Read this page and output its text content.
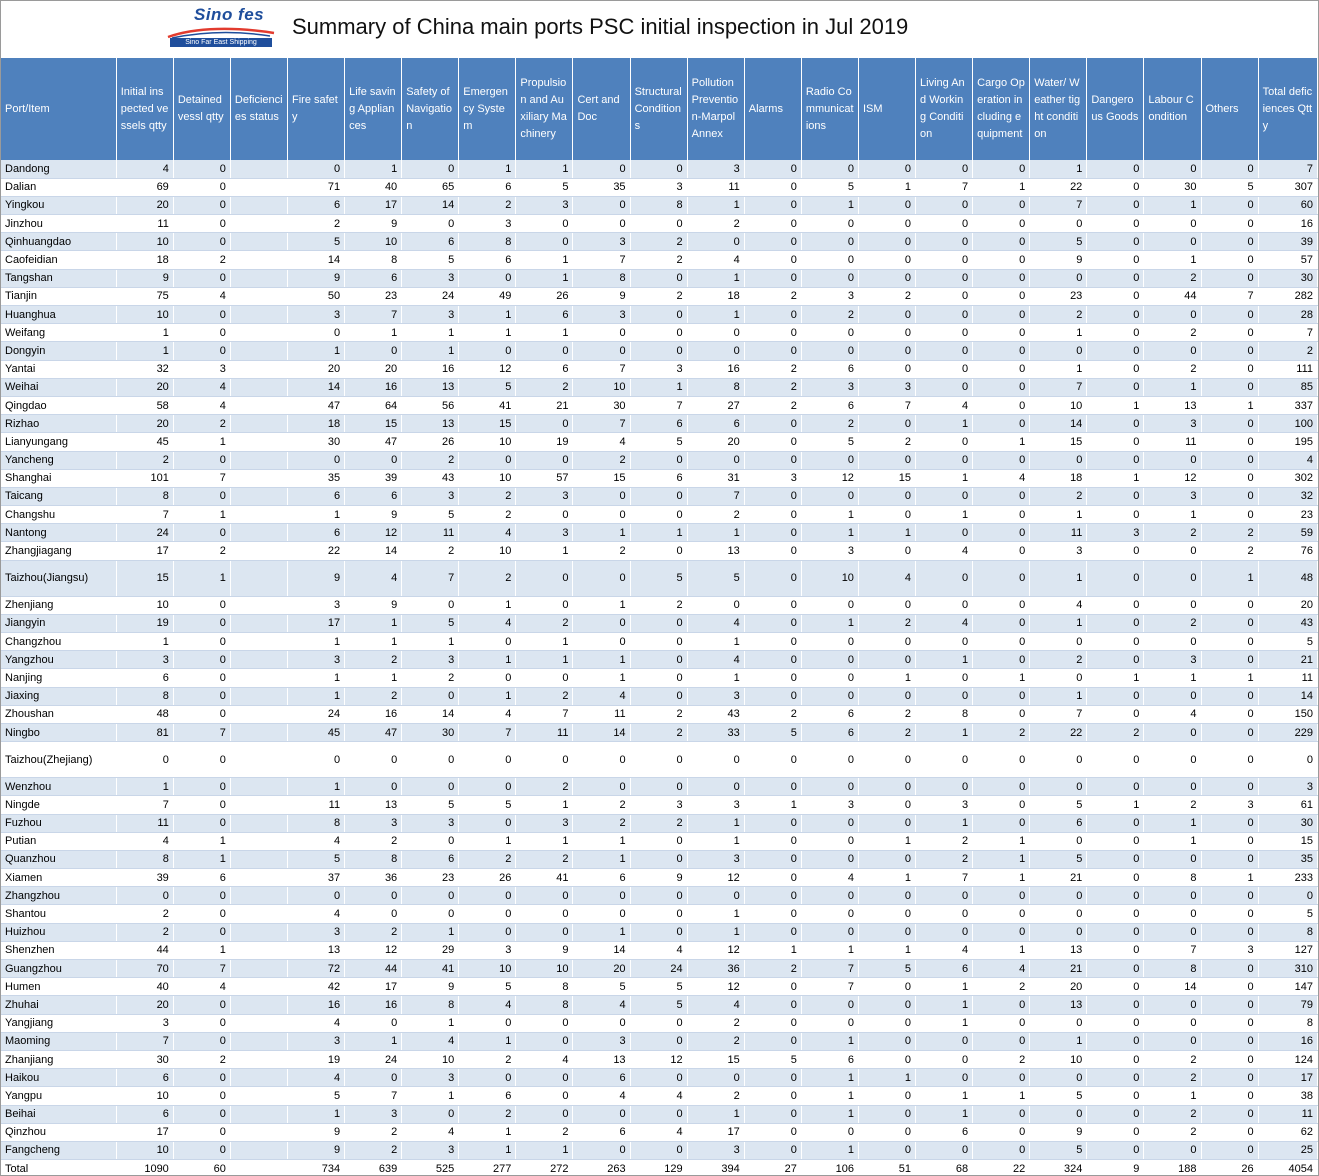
Sino fes
Sino Far East Shipping
Summary of China main ports PSC initial inspection in Jul 2019
Port/Item	Initial inspected vessels qtty	Detained vessl qtty	Deficiencies status	Fire safety	Life saving Appliances	Safety of Navigation	Emergency System	Propulsion and Auxiliary Machinery	Cert and Doc	Structural Conditions	Pollution Prevention-Marpol Annex	Alarms	Radio Communications	ISM	Living And Working Condition	Cargo Operation including equipment	Water/ Weather tight condition	Dangerous Goods	Labour Condition	Others	Total deficiences Qtty
Dandong	4	0		0	1	0	1	1	0	0	3	0	0	0	0	0	1	0	0	0	7
Dalian	69	0		71	40	65	6	5	35	3	11	0	5	1	7	1	22	0	30	5	307
Yingkou	20	0		6	17	14	2	3	0	8	1	0	1	0	0	0	7	0	1	0	60
Jinzhou	11	0		2	9	0	3	0	0	0	2	0	0	0	0	0	0	0	0	0	16
Qinhuangdao	10	0		5	10	6	8	0	3	2	0	0	0	0	0	0	5	0	0	0	39
Caofeidian	18	2		14	8	5	6	1	7	2	4	0	0	0	0	0	9	0	1	0	57
Tangshan	9	0		9	6	3	0	1	8	0	1	0	0	0	0	0	0	0	2	0	30
Tianjin	75	4		50	23	24	49	26	9	2	18	2	3	2	0	0	23	0	44	7	282
Huanghua	10	0		3	7	3	1	6	3	0	1	0	2	0	0	0	2	0	0	0	28
Weifang	1	0		0	1	1	1	1	0	0	0	0	0	0	0	0	1	0	2	0	7
Dongyin	1	0		1	0	1	0	0	0	0	0	0	0	0	0	0	0	0	0	0	2
Yantai	32	3		20	20	16	12	6	7	3	16	2	6	0	0	0	1	0	2	0	111
Weihai	20	4		14	16	13	5	2	10	1	8	2	3	3	0	0	7	0	1	0	85
Qingdao	58	4		47	64	56	41	21	30	7	27	2	6	7	4	0	10	1	13	1	337
Rizhao	20	2		18	15	13	15	0	7	6	6	0	2	0	1	0	14	0	3	0	100
Lianyungang	45	1		30	47	26	10	19	4	5	20	0	5	2	0	1	15	0	11	0	195
Yancheng	2	0		0	0	2	0	0	2	0	0	0	0	0	0	0	0	0	0	0	4
Shanghai	101	7		35	39	43	10	57	15	6	31	3	12	15	1	4	18	1	12	0	302
Taicang	8	0		6	6	3	2	3	0	0	7	0	0	0	0	0	2	0	3	0	32
Changshu	7	1		1	9	5	2	0	0	0	2	0	1	0	1	0	1	0	1	0	23
Nantong	24	0		6	12	11	4	3	1	1	1	0	1	1	0	0	11	3	2	2	59
Zhangjiagang	17	2		22	14	2	10	1	2	0	13	0	3	0	4	0	3	0	0	2	76
Taizhou(Jiangsu)	15	1		9	4	7	2	0	0	5	5	0	10	4	0	0	1	0	0	1	48
Zhenjiang	10	0		3	9	0	1	0	1	2	0	0	0	0	0	0	4	0	0	0	20
Jiangyin	19	0		17	1	5	4	2	0	0	4	0	1	2	4	0	1	0	2	0	43
Changzhou	1	0		1	1	1	0	1	0	0	1	0	0	0	0	0	0	0	0	0	5
Yangzhou	3	0		3	2	3	1	1	1	0	4	0	0	0	1	0	2	0	3	0	21
Nanjing	6	0		1	1	2	0	0	1	0	1	0	0	1	0	1	0	1	1	1	11
Jiaxing	8	0		1	2	0	1	2	4	0	3	0	0	0	0	0	1	0	0	0	14
Zhoushan	48	0		24	16	14	4	7	11	2	43	2	6	2	8	0	7	0	4	0	150
Ningbo	81	7		45	47	30	7	11	14	2	33	5	6	2	1	2	22	2	0	0	229
Taizhou(Zhejiang)	0	0		0	0	0	0	0	0	0	0	0	0	0	0	0	0	0	0	0	0
Wenzhou	1	0		1	0	0	0	2	0	0	0	0	0	0	0	0	0	0	0	0	3
Ningde	7	0		11	13	5	5	1	2	3	3	1	3	0	3	0	5	1	2	3	61
Fuzhou	11	0		8	3	3	0	3	2	2	1	0	0	0	1	0	6	0	1	0	30
Putian	4	1		4	2	0	1	1	1	0	1	0	0	1	2	1	0	0	1	0	15
Quanzhou	8	1		5	8	6	2	2	1	0	3	0	0	0	2	1	5	0	0	0	35
Xiamen	39	6		37	36	23	26	41	6	9	12	0	4	1	7	1	21	0	8	1	233
Zhangzhou	0	0		0	0	0	0	0	0	0	0	0	0	0	0	0	0	0	0	0	0
Shantou	2	0		4	0	0	0	0	0	0	1	0	0	0	0	0	0	0	0	0	5
Huizhou	2	0		3	2	1	0	0	1	0	1	0	0	0	0	0	0	0	0	0	8
Shenzhen	44	1		13	12	29	3	9	14	4	12	1	1	1	4	1	13	0	7	3	127
Guangzhou	70	7		72	44	41	10	10	20	24	36	2	7	5	6	4	21	0	8	0	310
Humen	40	4		42	17	9	5	8	5	5	12	0	7	0	1	2	20	0	14	0	147
Zhuhai	20	0		16	16	8	4	8	4	5	4	0	0	0	1	0	13	0	0	0	79
Yangjiang	3	0		4	0	1	0	0	0	0	2	0	0	0	1	0	0	0	0	0	8
Maoming	7	0		3	1	4	1	0	3	0	2	0	1	0	0	0	1	0	0	0	16
Zhanjiang	30	2		19	24	10	2	4	13	12	15	5	6	0	0	2	10	0	2	0	124
Haikou	6	0		4	0	3	0	0	6	0	0	0	1	1	0	0	0	0	2	0	17
Yangpu	10	0		5	7	1	6	0	4	4	2	0	1	0	1	1	5	0	1	0	38
Beihai	6	0		1	3	0	2	0	0	0	1	0	1	0	1	0	0	0	2	0	11
Qinzhou	17	0		9	2	4	1	2	6	4	17	0	0	0	6	0	9	0	2	0	62
Fangcheng	10	0		9	2	3	1	1	0	0	3	0	1	0	0	0	5	0	0	0	25
Total	1090	60		734	639	525	277	272	263	129	394	27	106	51	68	22	324	9	188	26	4054
